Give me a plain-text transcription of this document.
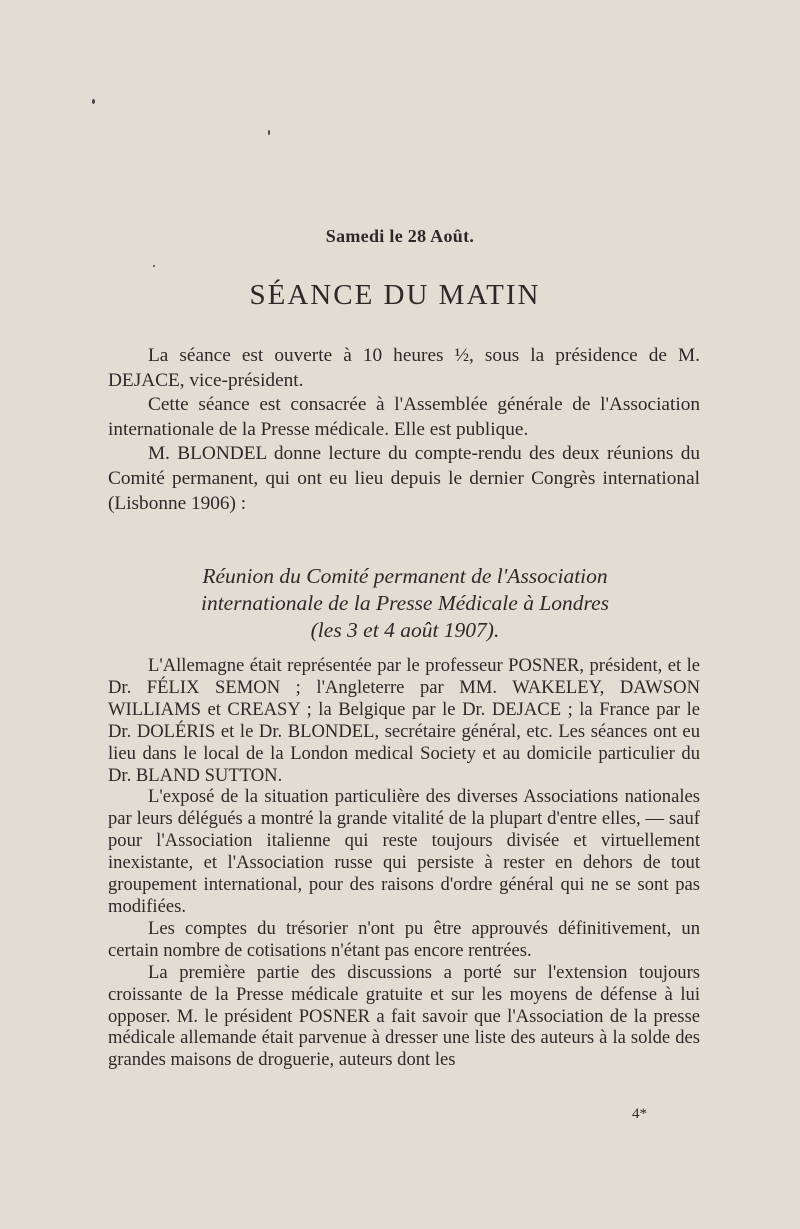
Samedi le 28 Août.
SÉANCE DU MATIN
La séance est ouverte à 10 heures ½, sous la présidence de M. DEJACE, vice-président.
Cette séance est consacrée à l'Assemblée générale de l'Association internationale de la Presse médicale. Elle est publique.
M. BLONDEL donne lecture du compte-rendu des deux réunions du Comité permanent, qui ont eu lieu depuis le dernier Congrès international (Lisbonne 1906) :
Réunion du Comité permanent de l'Association
internationale de la Presse Médicale à Londres
(les 3 et 4 août 1907).
L'Allemagne était représentée par le professeur POSNER, président, et le Dr. FÉLIX SEMON ; l'Angleterre par MM. WAKELEY, DAWSON WILLIAMS et CREASY ; la Belgique par le Dr. DEJACE ; la France par le Dr. DOLÉRIS et le Dr. BLONDEL, secrétaire général, etc. Les séances ont eu lieu dans le local de la London medical Society et au domicile particulier du Dr. BLAND SUTTON.
L'exposé de la situation particulière des diverses Associations nationales par leurs délégués a montré la grande vitalité de la plupart d'entre elles, — sauf pour l'Association italienne qui reste toujours divisée et virtuellement inexistante, et l'Association russe qui persiste à rester en dehors de tout groupement international, pour des raisons d'ordre général qui ne se sont pas modifiées.
Les comptes du trésorier n'ont pu être approuvés définitivement, un certain nombre de cotisations n'étant pas encore rentrées.
La première partie des discussions a porté sur l'extension toujours croissante de la Presse médicale gratuite et sur les moyens de défense à lui opposer. M. le président POSNER a fait savoir que l'Association de la presse médicale allemande était parvenue à dresser une liste des auteurs à la solde des grandes maisons de droguerie, auteurs dont les
4*
